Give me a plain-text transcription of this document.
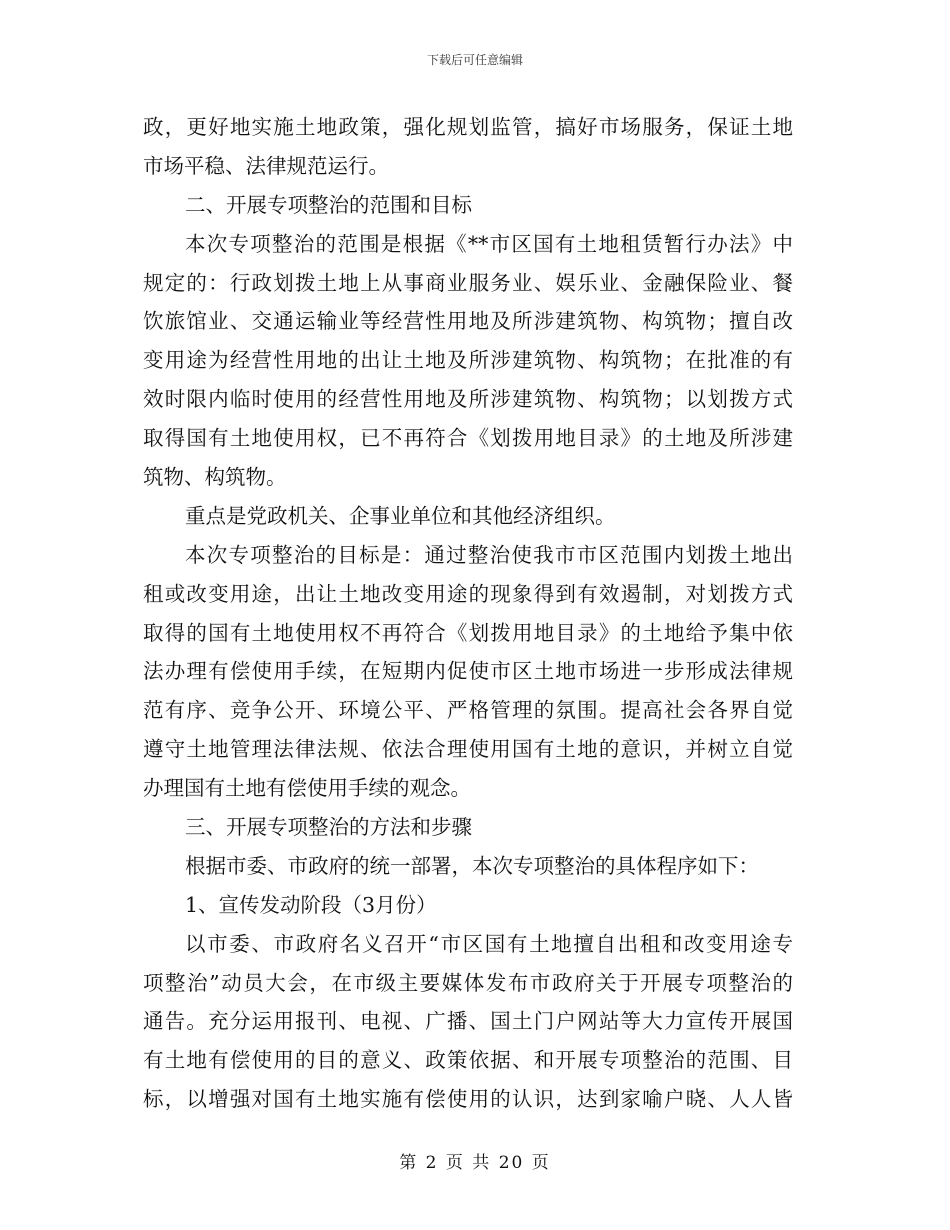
下载后可任意编辑
政，更好地实施土地政策，强化规划监管，搞好市场服务，保证土地
市场平稳、法律规范运行。
二、开展专项整治的范围和目标
本次专项整治的范围是根据《**市区国有土地租赁暂行办法》中
规定的：行政划拨土地上从事商业服务业、娱乐业、金融保险业、餐
饮旅馆业、交通运输业等经营性用地及所涉建筑物、构筑物；擅自改
变用途为经营性用地的出让土地及所涉建筑物、构筑物；在批准的有
效时限内临时使用的经营性用地及所涉建筑物、构筑物；以划拨方式
取得国有土地使用权，已不再符合《划拨用地目录》的土地及所涉建
筑物、构筑物。
重点是党政机关、企事业单位和其他经济组织。
本次专项整治的目标是：通过整治使我市市区范围内划拨土地出
租或改变用途，出让土地改变用途的现象得到有效遏制，对划拨方式
取得的国有土地使用权不再符合《划拨用地目录》的土地给予集中依
法办理有偿使用手续，在短期内促使市区土地市场进一步形成法律规
范有序、竞争公开、环境公平、严格管理的氛围。提高社会各界自觉
遵守土地管理法律法规、依法合理使用国有土地的意识，并树立自觉
办理国有土地有偿使用手续的观念。
三、开展专项整治的方法和步骤
根据市委、市政府的统一部署，本次专项整治的具体程序如下：
1、宣传发动阶段（3月份）
以市委、市政府名义召开“市区国有土地擅自出租和改变用途专
项整治”动员大会，在市级主要媒体发布市政府关于开展专项整治的
通告。充分运用报刊、电视、广播、国土门户网站等大力宣传开展国
有土地有偿使用的目的意义、政策依据、和开展专项整治的范围、目
标，以增强对国有土地实施有偿使用的认识，达到家喻户晓、人人皆
第 2 页 共 20 页
